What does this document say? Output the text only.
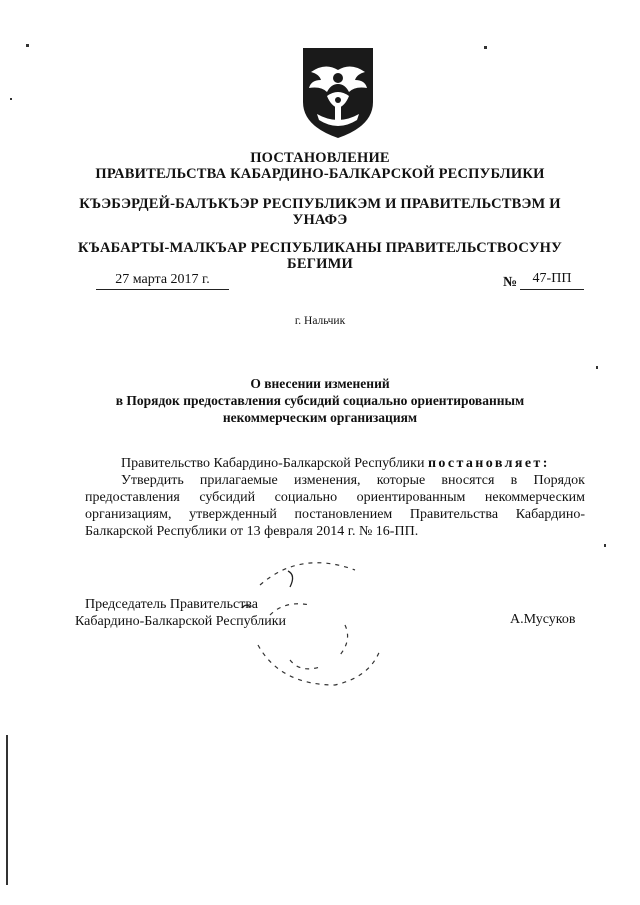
ПОСТАНОВЛЕНИЕ
ПРАВИТЕЛЬСТВА КАБАРДИНО-БАЛКАРСКОЙ РЕСПУБЛИКИ
КЪЭБЭРДЕЙ-БАЛЪКЪЭР РЕСПУБЛИКЭМ И ПРАВИТЕЛЬСТВЭМ И
УНАФЭ
КЪАБАРТЫ-МАЛКЪАР РЕСПУБЛИКАНЫ ПРАВИТЕЛЬСТВОСУНУ
БЕГИМИ
27 марта 2017 г.	№	47-ПП
г. Нальчик
О внесении изменений
в Порядок предоставления субсидий социально ориентированным
некоммерческим организациям
Правительство Кабардино-Балкарской Республики постановляет:
Утвердить прилагаемые изменения, которые вносятся в Порядок предоставления субсидий социально ориентированным некоммерческим организациям, утвержденный постановлением Правительства Кабардино-Балкарской Республики от 13 февраля 2014 г. № 16-ПП.
Председатель Правительства
Кабардино-Балкарской Республики	А.Мусуков
